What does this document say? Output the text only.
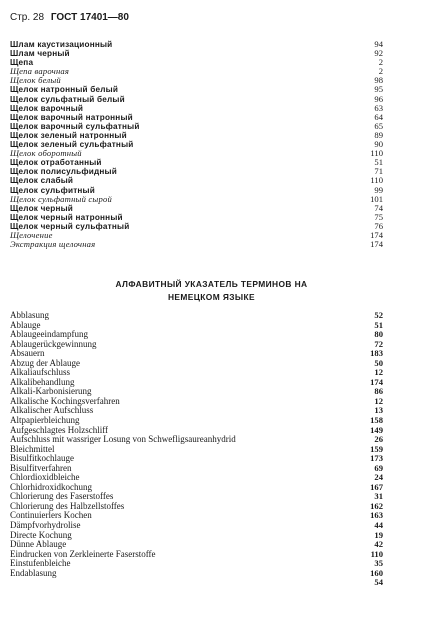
Стр. 28 ГОСТ 17401—80
Шлам каустизационный	94
Шлам черный	92
Щепа	2
Щепа варочная	2
Щелок белый	98
Щелок натронный белый	95
Щелок сульфатный белый	96
Щелок варочный	63
Щелок варочный натронный	64
Щелок варочный сульфатный	65
Щелок зеленый натронный	89
Щелок зеленый сульфатный	90
Щелок оборотный	110
Щелок отработанный	51
Щелок полисульфидный	71
Щелок слабый	110
Щелок сульфитный	99
Щелок сульфатный сырой	101
Щелок черный	74
Щелок черный натронный	75
Щелок черный сульфатный	76
Щелочение	174
Экстракция щелочная	174
АЛФАВИТНЫЙ УКАЗАТЕЛЬ ТЕРМИНОВ НА
НЕМЕЦКОМ ЯЗЫКЕ
Abblasung	52
Ablauge	51
Ablaugeeindampfung	80
Ablaugerückgewinnung	72
Absauern	183
Abzug der Ablauge	50
Alkaliaufschluss	12
Alkalibehandlung	174
Alkali-Karbonisierung	86
Alkalische Kochingsverfahren	12
Alkalischer Aufschluss	13
Altpapierbleichung	158
Aufgeschlagtes Holzschliff	149
Aufschluss mit wassriger Losung von Schwefligsaureanhydrid	26
Bleichmittel	159
Bisulfitkochlauge	173
Bisulfitverfahren	69
Chlordioxidbleiche	24
Chlorhidroxidkochung	167
Chlorierung des Faserstoffes	31
Chlorierung des Halbzellstoffes	162
Continuierlers Kochen	163
Dämpfvorhydrolise	44
Directe Kochung	19
Dünne Ablauge	42
Eindrucken von Zerkleinerte Faserstoffe	110
Einstufenbleiche	35
Endablasung	160
54
